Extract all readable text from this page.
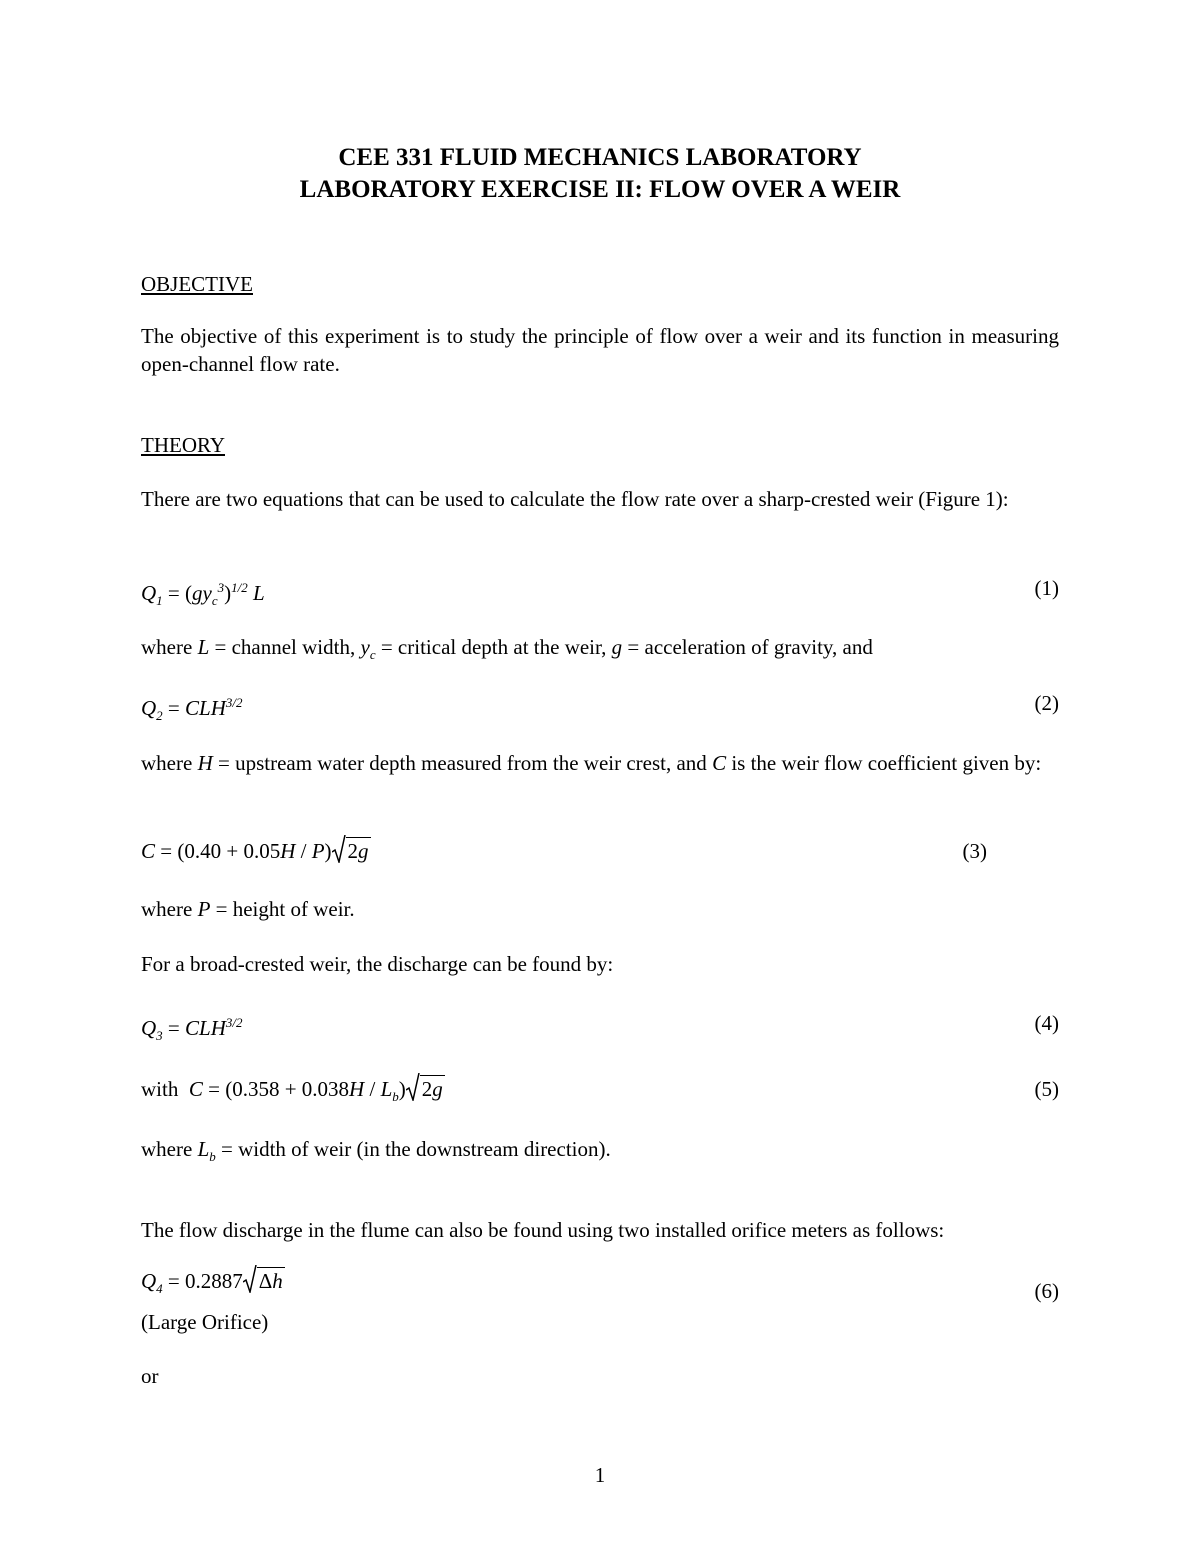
CEE 331 FLUID MECHANICS LABORATORY
LABORATORY EXERCISE II: FLOW OVER A WEIR
OBJECTIVE
The objective of this experiment is to study the principle of flow over a weir and its function in measuring open-channel flow rate.
THEORY
There are two equations that can be used to calculate the flow rate over a sharp-crested weir (Figure 1):
$Q_1 = (gy_c^3)^{1/2}$ L	(1)
where L = channel width, $y_c$ = critical depth at the weir, g = acceleration of gravity, and
$Q_2 = CLH^{3/2}$	(2)
where H = upstream water depth measured from the weir crest, and C is the weir flow coefficient given by:
C = (0.40 + 0.05H / P) 2g	(3)
where P = height of weir.
For a broad-crested weir, the discharge can be found by:
$Q_3 = CLH^{3/2}$	(4)
with  $C = (0.358 + 0.038H / L_b)$ 2g	(5)
where $L_b$ = width of weir (in the downstream direction).
The flow discharge in the flume can also be found using two installed orifice meters as follows:
$Q_4 = 0.2887$ Δh	(6)
(Large Orifice)
or
1
